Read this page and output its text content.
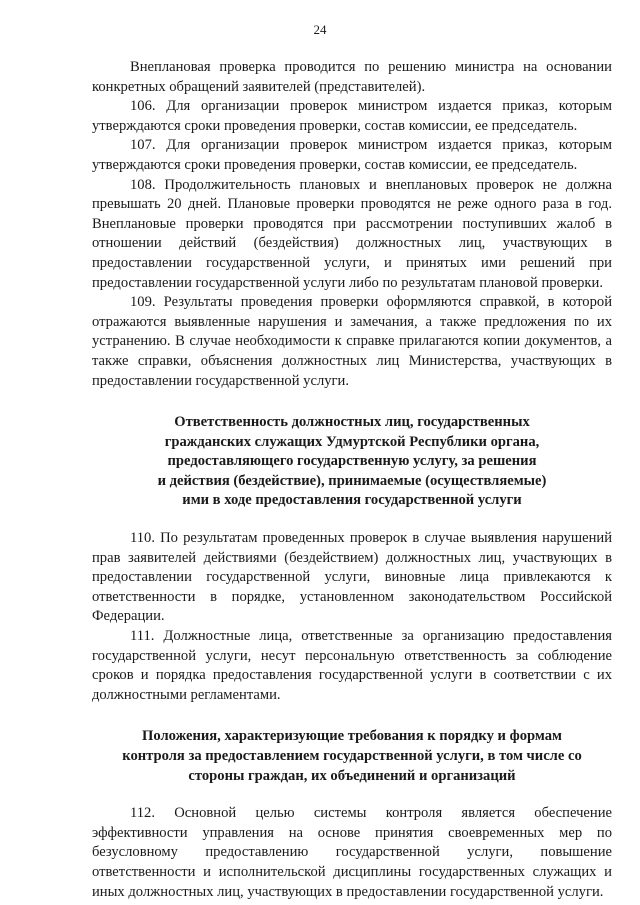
24

Внеплановая проверка проводится по решению министра на основании конкретных обращений заявителей (представителей).

106. Для организации проверок министром издается приказ, которым утверждаются сроки проведения проверки, состав комиссии, ее председатель.

107. Для организации проверок министром издается приказ, которым утверждаются сроки проведения проверки, состав комиссии, ее председатель.

108. Продолжительность плановых и внеплановых проверок не должна превышать 20 дней. Плановые проверки проводятся не реже одного раза в год. Внеплановые проверки проводятся при рассмотрении поступивших жалоб в отношении действий (бездействия) должностных лиц, участвующих в предоставлении государственной услуги, и принятых ими решений при предоставлении государственной услуги либо по результатам плановой проверки.

109. Результаты проведения проверки оформляются справкой, в которой отражаются выявленные нарушения и замечания, а также предложения по их устранению. В случае необходимости к справке прилагаются копии документов, а также справки, объяснения должностных лиц Министерства, участвующих в предоставлении государственной услуги.

Ответственность должностных лиц, государственных
гражданских служащих Удмуртской Республики органа,
предоставляющего государственную услугу, за решения
и действия (бездействие), принимаемые (осуществляемые)
ими в ходе предоставления государственной услуги

110. По результатам проведенных проверок в случае выявления нарушений прав заявителей действиями (бездействием) должностных лиц, участвующих в предоставлении государственной услуги, виновные лица привлекаются к ответственности в порядке, установленном законодательством Российской Федерации.

111. Должностные лица, ответственные за организацию предоставления государственной услуги, несут персональную ответственность за соблюдение сроков и порядка предоставления государственной услуги в соответствии с их должностными регламентами.

Положения, характеризующие требования к порядку и формам
контроля за предоставлением государственной услуги, в том числе со
стороны граждан, их объединений и организаций

112. Основной целью системы контроля является обеспечение эффективности управления на основе принятия своевременных мер по безусловному предоставлению государственной услуги, повышение ответственности и исполнительской дисциплины государственных служащих и иных должностных лиц, участвующих в предоставлении государственной услуги.
